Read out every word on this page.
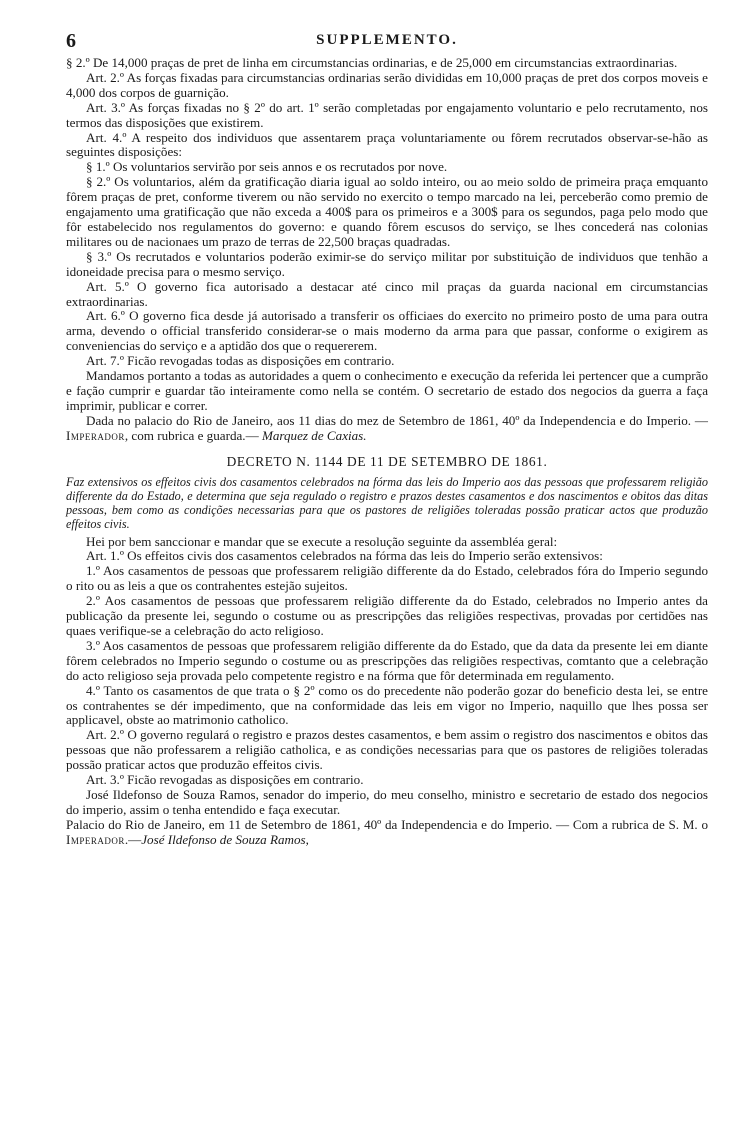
6	SUPPLEMENTO.

§ 2.º De 14,000 praças de pret de linha em circumstancias ordinarias, e de 25,000 em circumstancias extraordinarias.

Art. 2.º As forças fixadas para circumstancias ordinarias serão divididas em 10,000 praças de pret dos corpos moveis e 4,000 dos corpos de guarnição.

Art. 3.º As forças fixadas no § 2º do art. 1º serão completadas por engajamento voluntario e pelo recrutamento, nos termos das disposições que existirem.

Art. 4.º A respeito dos individuos que assentarem praça voluntariamente ou fôrem recrutados observar-se-hão as seguintes disposições:

§ 1.º Os voluntarios servirão por seis annos e os recrutados por nove.

§ 2.º Os voluntarios, além da gratificação diaria igual ao soldo inteiro, ou ao meio soldo de primeira praça emquanto fôrem praças de pret, conforme tiverem ou não servido no exercito o tempo marcado na lei, perceberão como premio de engajamento uma gratificação que não exceda a 400$ para os primeiros e a 300$ para os segundos, paga pelo modo que fôr estabelecido nos regulamentos do governo: e quando fôrem escusos do serviço, se lhes concederá nas colonias militares ou de nacionaes um prazo de terras de 22,500 braças quadradas.

§ 3.º Os recrutados e voluntarios poderão eximir-se do serviço militar por substituição de individuos que tenhão a idoneidade precisa para o mesmo serviço.

Art. 5.º O governo fica autorisado a destacar até cinco mil praças da guarda nacional em circumstancias extraordinarias.

Art. 6.º O governo fica desde já autorisado a transferir os officiaes do exercito no primeiro posto de uma para outra arma, devendo o official transferido considerar-se o mais moderno da arma para que passar, conforme o exigirem as conveniencias do serviço e a aptidão dos que o requererem.

Art. 7.º Ficão revogadas todas as disposições em contrario.

Mandamos portanto a todas as autoridades a quem o conhecimento e execução da referida lei pertencer que a cumprão e fação cumprir e guardar tão inteiramente como nella se contém. O secretario de estado dos negocios da guerra a faça imprimir, publicar e correr.

Dada no palacio do Rio de Janeiro, aos 11 dias do mez de Setembro de 1861, 40º da Independencia e do Imperio. — Imperador, com rubrica e guarda.— Marquez de Caxias.

DECRETO N. 1144 DE 11 DE SETEMBRO DE 1861.

Faz extensivos os effeitos civis dos casamentos celebrados na fórma das leis do Imperio aos das pessoas que professarem religião differente da do Estado, e determina que seja regulado o registro e prazos destes casamentos e dos nascimentos e obitos das ditas pessoas, bem como as condições necessarias para que os pastores de religiões toleradas possão praticar actos que produzão effeitos civis.

Hei por bem sanccionar e mandar que se execute a resolução seguinte da assembléa geral:

Art. 1.º Os effeitos civis dos casamentos celebrados na fórma das leis do Imperio serão extensivos:

1.º Aos casamentos de pessoas que professarem religião differente da do Estado, celebrados fóra do Imperio segundo o rito ou as leis a que os contrahentes estejão sujeitos.

2.º Aos casamentos de pessoas que professarem religião differente da do Estado, celebrados no Imperio antes da publicação da presente lei, segundo o costume ou as prescripções das religiões respectivas, provadas por certidões nas quaes verifique-se a celebração do acto religioso.

3.º Aos casamentos de pessoas que professarem religião differente da do Estado, que da data da presente lei em diante fôrem celebrados no Imperio segundo o costume ou as prescripções das religiões respectivas, comtanto que a celebração do acto religioso seja provada pelo competente registro e na fórma que fôr determinada em regulamento.

4.º Tanto os casamentos de que trata o § 2º como os do precedente não poderão gozar do beneficio desta lei, se entre os contrahentes se dér impedimento, que na conformidade das leis em vigor no Imperio, naquillo que lhes possa ser applicavel, obste ao matrimonio catholico.

Art. 2.º O governo regulará o registro e prazos destes casamentos, e bem assim o registro dos nascimentos e obitos das pessoas que não professarem a religião catholica, e as condições necessarias para que os pastores de religiões toleradas possão praticar actos que produzão effeitos civis.

Art. 3.º Ficão revogadas as disposições em contrario.

José Ildefonso de Souza Ramos, senador do imperio, do meu conselho, ministro e secretario de estado dos negocios do imperio, assim o tenha entendido e faça executar.

Palacio do Rio de Janeiro, em 11 de Setembro de 1861, 40º da Independencia e do Imperio. — Com a rubrica de S. M. o Imperador.—José Ildefonso de Souza Ramos,
